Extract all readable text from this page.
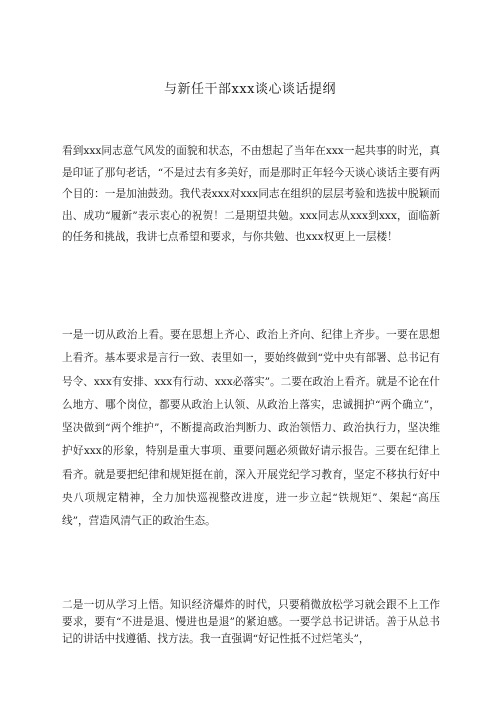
与新任干部xxx谈心谈话提纲
看到xxx同志意气风发的面貌和状态，不由想起了当年在xxx一起共事的时光，真是印证了那句老话，“不是过去有多美好，而是那时正年轻今天谈心谈话主要有两个目的：一是加油鼓劲。我代表xxx对xxx同志在组织的层层考验和选拔中脱颖而出、成功“履新”表示衷心的祝贺！二是期望共勉。xxx同志从xxx到xxx，面临新的任务和挑战，我讲七点希望和要求，与你共勉、也xxx权更上一层楼！
一是一切从政治上看。要在思想上齐心、政治上齐向、纪律上齐步。一要在思想上看齐。基本要求是言行一致、表里如一，要始终做到“党中央有部署、总书记有号令、xxx有安排、xxx有行动、xxx必落实”。二要在政治上看齐。就是不论在什么地方、哪个岗位，都要从政治上认领、从政治上落实，忠诚拥护“两个确立”，坚决做到“两个维护”，不断提高政治判断力、政治领悟力、政治执行力，坚决维护好xxx的形象，特别是重大事项、重要问题必须做好请示报告。三要在纪律上看齐。就是要把纪律和规矩挺在前，深入开展党纪学习教育，坚定不移执行好中央八项规定精神，全力加快巡视整改进度，进一步立起“铁规矩”、架起“高压线”，营造风清气正的政治生态。
二是一切从学习上悟。知识经济爆炸的时代，只要稍微放松学习就会跟不上工作要求，要有“不进是退、慢进也是退”的紧迫感。一要学总书记讲话。善于从总书记的讲话中找遵循、找方法。我一直强调“好记性抵不过烂笔头”，
